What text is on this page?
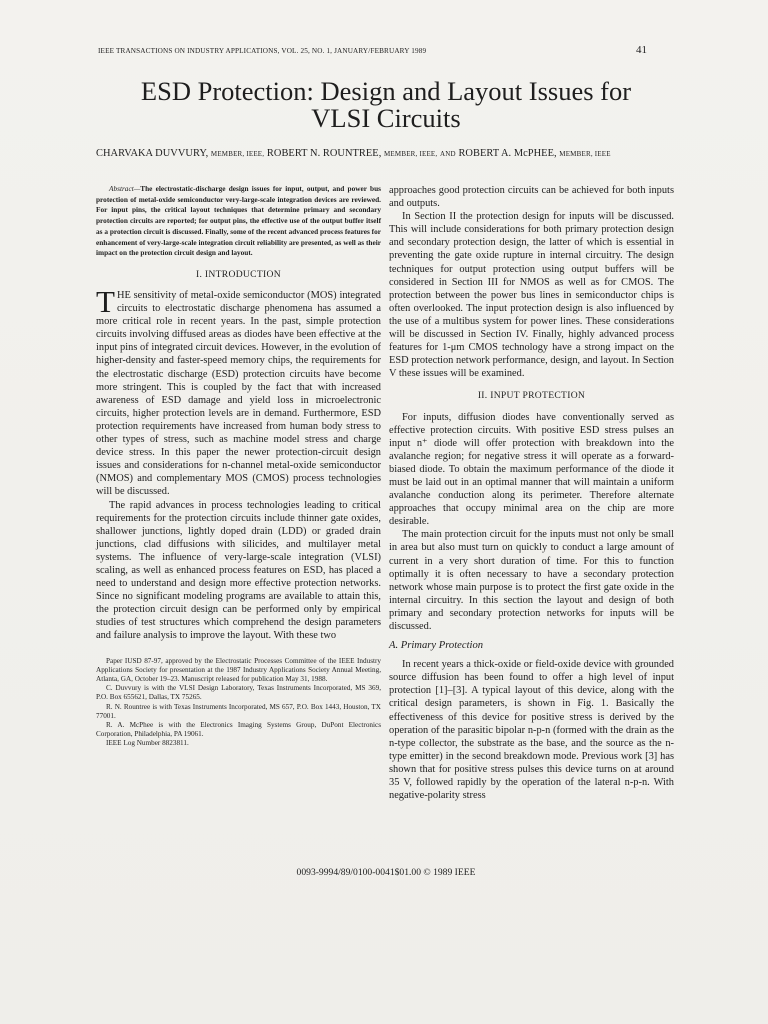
IEEE TRANSACTIONS ON INDUSTRY APPLICATIONS, VOL. 25, NO. 1, JANUARY/FEBRUARY 1989	41
ESD Protection: Design and Layout Issues for
VLSI Circuits
CHARVAKA DUVVURY, MEMBER, IEEE, ROBERT N. ROUNTREE, MEMBER, IEEE, AND ROBERT A. McPHEE, MEMBER, IEEE

Abstract—The electrostatic-discharge design issues for input, output, and power bus protection of metal-oxide semiconductor very-large-scale integration devices are reviewed. For input pins, the critical layout techniques that determine primary and secondary protection circuits are reported; for output pins, the effective use of the output buffer itself as a protection circuit is discussed. Finally, some of the recent advanced process features for enhancement of very-large-scale integration circuit reliability are presented, as well as their impact on the protection circuit design and layout.

I. INTRODUCTION

THE sensitivity of metal-oxide semiconductor (MOS) integrated circuits to electrostatic discharge phenomena has assumed a more critical role in recent years. In the past, simple protection circuits involving diffused areas as diodes have been effective at the input pins of integrated circuit devices. However, in the evolution of higher-density and faster-speed memory chips, the requirements for the electrostatic discharge (ESD) protection circuits have become more stringent. This is coupled by the fact that with increased awareness of ESD damage and yield loss in microelectronic circuits, higher protection levels are in demand. Furthermore, ESD protection requirements have increased from human body stress to other types of stress, such as machine model stress and charge device stress. In this paper the newer protection-circuit design issues and considerations for n-channel metal-oxide semiconductor (NMOS) and complementary MOS (CMOS) process technologies will be discussed.

The rapid advances in process technologies leading to critical requirements for the protection circuits include thinner gate oxides, shallower junctions, lightly doped drain (LDD) or graded drain junctions, clad diffusions with silicides, and multilayer metal systems. The influence of very-large-scale integration (VLSI) scaling, as well as enhanced process features on ESD, has placed a need to understand and design more effective protection networks. Since no significant modeling programs are available to attain this, the protection circuit design can be performed only by empirical studies of test structures which comprehend the design parameters and failure analysis to improve the layout. With these two

Paper IUSD 87-97, approved by the Electrostatic Processes Committee of the IEEE Industry Applications Society for presentation at the 1987 Industry Applications Society Annual Meeting, Atlanta, GA, October 19–23. Manuscript released for publication May 31, 1988.
C. Duvvury is with the VLSI Design Laboratory, Texas Instruments Incorporated, MS 369, P.O. Box 655621, Dallas, TX 75265.
R. N. Rountree is with Texas Instruments Incorporated, MS 657, P.O. Box 1443, Houston, TX 77001.
R. A. McPhee is with the Electronics Imaging Systems Group, DuPont Electronics Corporation, Philadelphia, PA 19061.
IEEE Log Number 8823811.

approaches good protection circuits can be achieved for both inputs and outputs.

In Section II the protection design for inputs will be discussed. This will include considerations for both primary protection design and secondary protection design, the latter of which is essential in preventing the gate oxide rupture in internal circuitry. The design techniques for output protection using output buffers will be considered in Section III for NMOS as well as for CMOS. The protection between the power bus lines in semiconductor chips is often overlooked. The input protection design is also influenced by the use of a multibus system for power lines. These considerations will be discussed in Section IV. Finally, highly advanced process features for 1-μm CMOS technology have a strong impact on the ESD protection network performance, design, and layout. In Section V these issues will be examined.

II. INPUT PROTECTION

For inputs, diffusion diodes have conventionally served as effective protection circuits. With positive ESD stress pulses an input n⁺ diode will offer protection with breakdown into the avalanche region; for negative stress it will operate as a forward-biased diode. To obtain the maximum performance of the diode it must be laid out in an optimal manner that will maintain a uniform avalanche conduction along its perimeter. Therefore alternate approaches that occupy minimal area on the chip are more desirable.

The main protection circuit for the inputs must not only be small in area but also must turn on quickly to conduct a large amount of current in a very short duration of time. For this to function optimally it is often necessary to have a secondary protection network whose main purpose is to protect the first gate oxide in the internal circuitry. In this section the layout and design of both primary and secondary protection networks for inputs will be discussed.

A. Primary Protection

In recent years a thick-oxide or field-oxide device with grounded source diffusion has been found to offer a high level of input protection [1]–[3]. A typical layout of this device, along with the critical design parameters, is shown in Fig. 1. Basically the effectiveness of this device for positive stress is derived by the operation of the parasitic bipolar n-p-n (formed with the drain as the n-type collector, the substrate as the base, and the source as the n-type emitter) in the second breakdown mode. Previous work [3] has shown that for positive stress pulses this device turns on at around 35 V, followed rapidly by the operation of the lateral n-p-n. With negative-polarity stress

0093-9994/89/0100-0041$01.00 © 1989 IEEE
